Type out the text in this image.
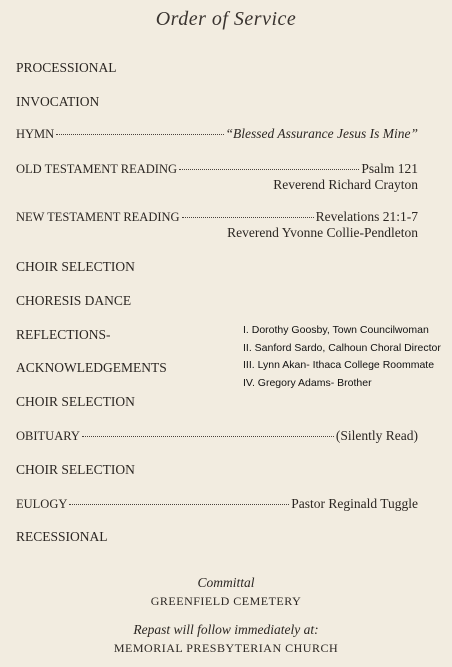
Order of Service
PROCESSIONAL
INVOCATION
HYMN	“Blessed Assurance Jesus Is Mine”
OLD TESTAMENT READING	Psalm 121
Reverend Richard Crayton
NEW TESTAMENT READING	Revelations 21:1-7
Reverend Yvonne Collie-Pendleton
CHOIR SELECTION
CHORESIS DANCE
REFLECTIONS-	I. Dorothy Goosby, Town Councilwoman
II. Sanford Sardo, Calhoun Choral Director
III. Lynn Akan- Ithaca College Roommate
IV. Gregory Adams- Brother
ACKNOWLEDGEMENTS
CHOIR SELECTION
OBITUARY	(Silently Read)
CHOIR SELECTION
EULOGY	Pastor Reginald Tuggle
RECESSIONAL
Committal
GREENFIELD CEMETERY
Repast will follow immediately at:
MEMORIAL PRESBYTERIAN CHURCH
